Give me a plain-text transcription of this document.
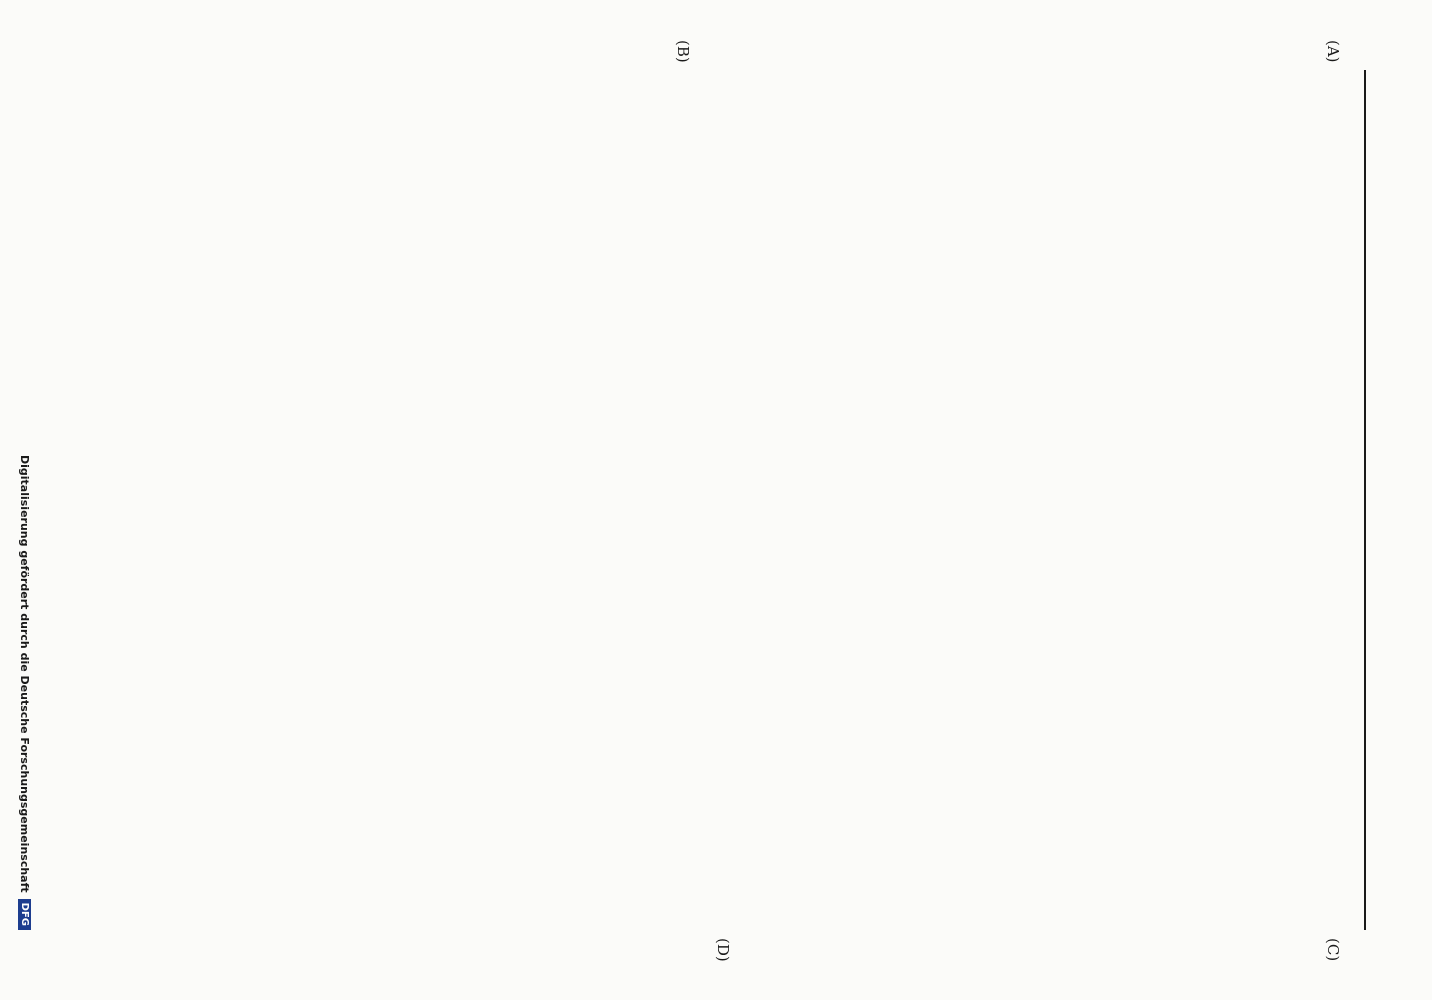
(A)
(B)
(C)
(D)
Digitalisierung gefördert durch die Deutsche Forschungsgemeinschaft
DFG
